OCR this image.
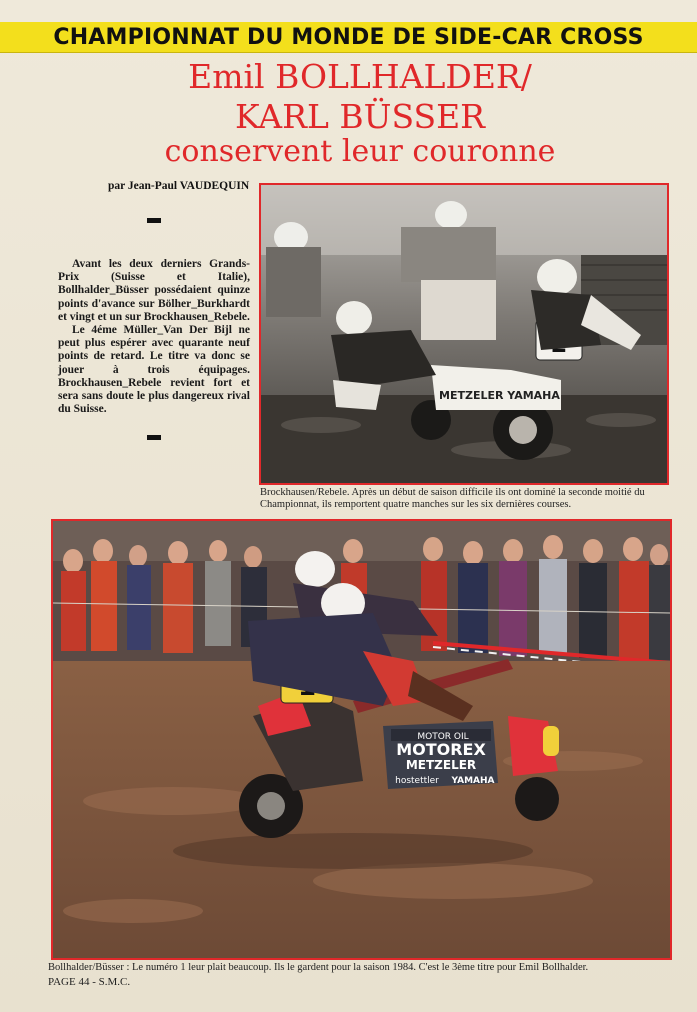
CHAMPIONNAT DU MONDE DE SIDE-CAR CROSS
Emil BOLLHALDER/
KARL BÜSSER
conservent leur couronne
par Jean-Paul VAUDEQUIN

Avant les deux derniers Grands-Prix (Suisse et Italie), Bollhalder_Büsser possédaient quinze points d'avance sur Bölher_Burkhardt et vingt et un sur Brockhausen_Rebele.

Le 4éme Müller_Van Der Bijl ne peut plus espérer avec quarante neuf points de retard. Le titre va donc se jouer à trois équipages. Brockhausen_Rebele revient fort et sera sans doute le plus dangereux rival du Suisse.

METZELER YAMAHA
Brockhausen/Rebele. Après un début de saison difficile ils ont dominé la seconde moitié du Championnat, ils remportent quatre manches sur les six dernières courses.
MOTOR OIL
MOTOREX
METZELER
hostettler YAMAHA
Bollhalder/Büsser : Le numéro 1 leur plait beaucoup. Ils le gardent pour la saison 1984. C'est le 3ème titre pour Emil Bollhalder.
PAGE 44 - S.M.C.
